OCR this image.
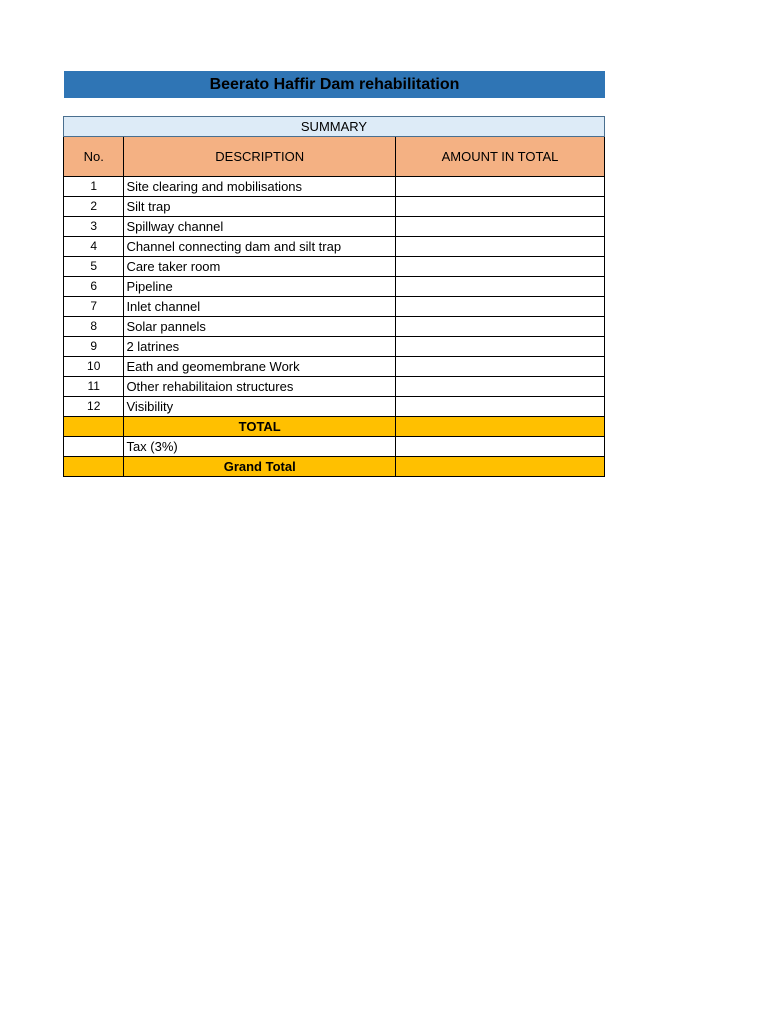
Beerato Haffir Dam rehabilitation
SUMMARY		
No.	DESCRIPTION	AMOUNT IN TOTAL
1	Site clearing and mobilisations	
2	Silt trap	
3	Spillway channel	
4	Channel connecting dam and silt trap	
5	Care taker room	
6	Pipeline	
7	Inlet channel	
8	Solar pannels	
9	2 latrines	
10	Eath and geomembrane Work	
11	Other rehabilitaion structures	
12	Visibility	
	TOTAL	
	Tax (3%)	
	Grand Total	
